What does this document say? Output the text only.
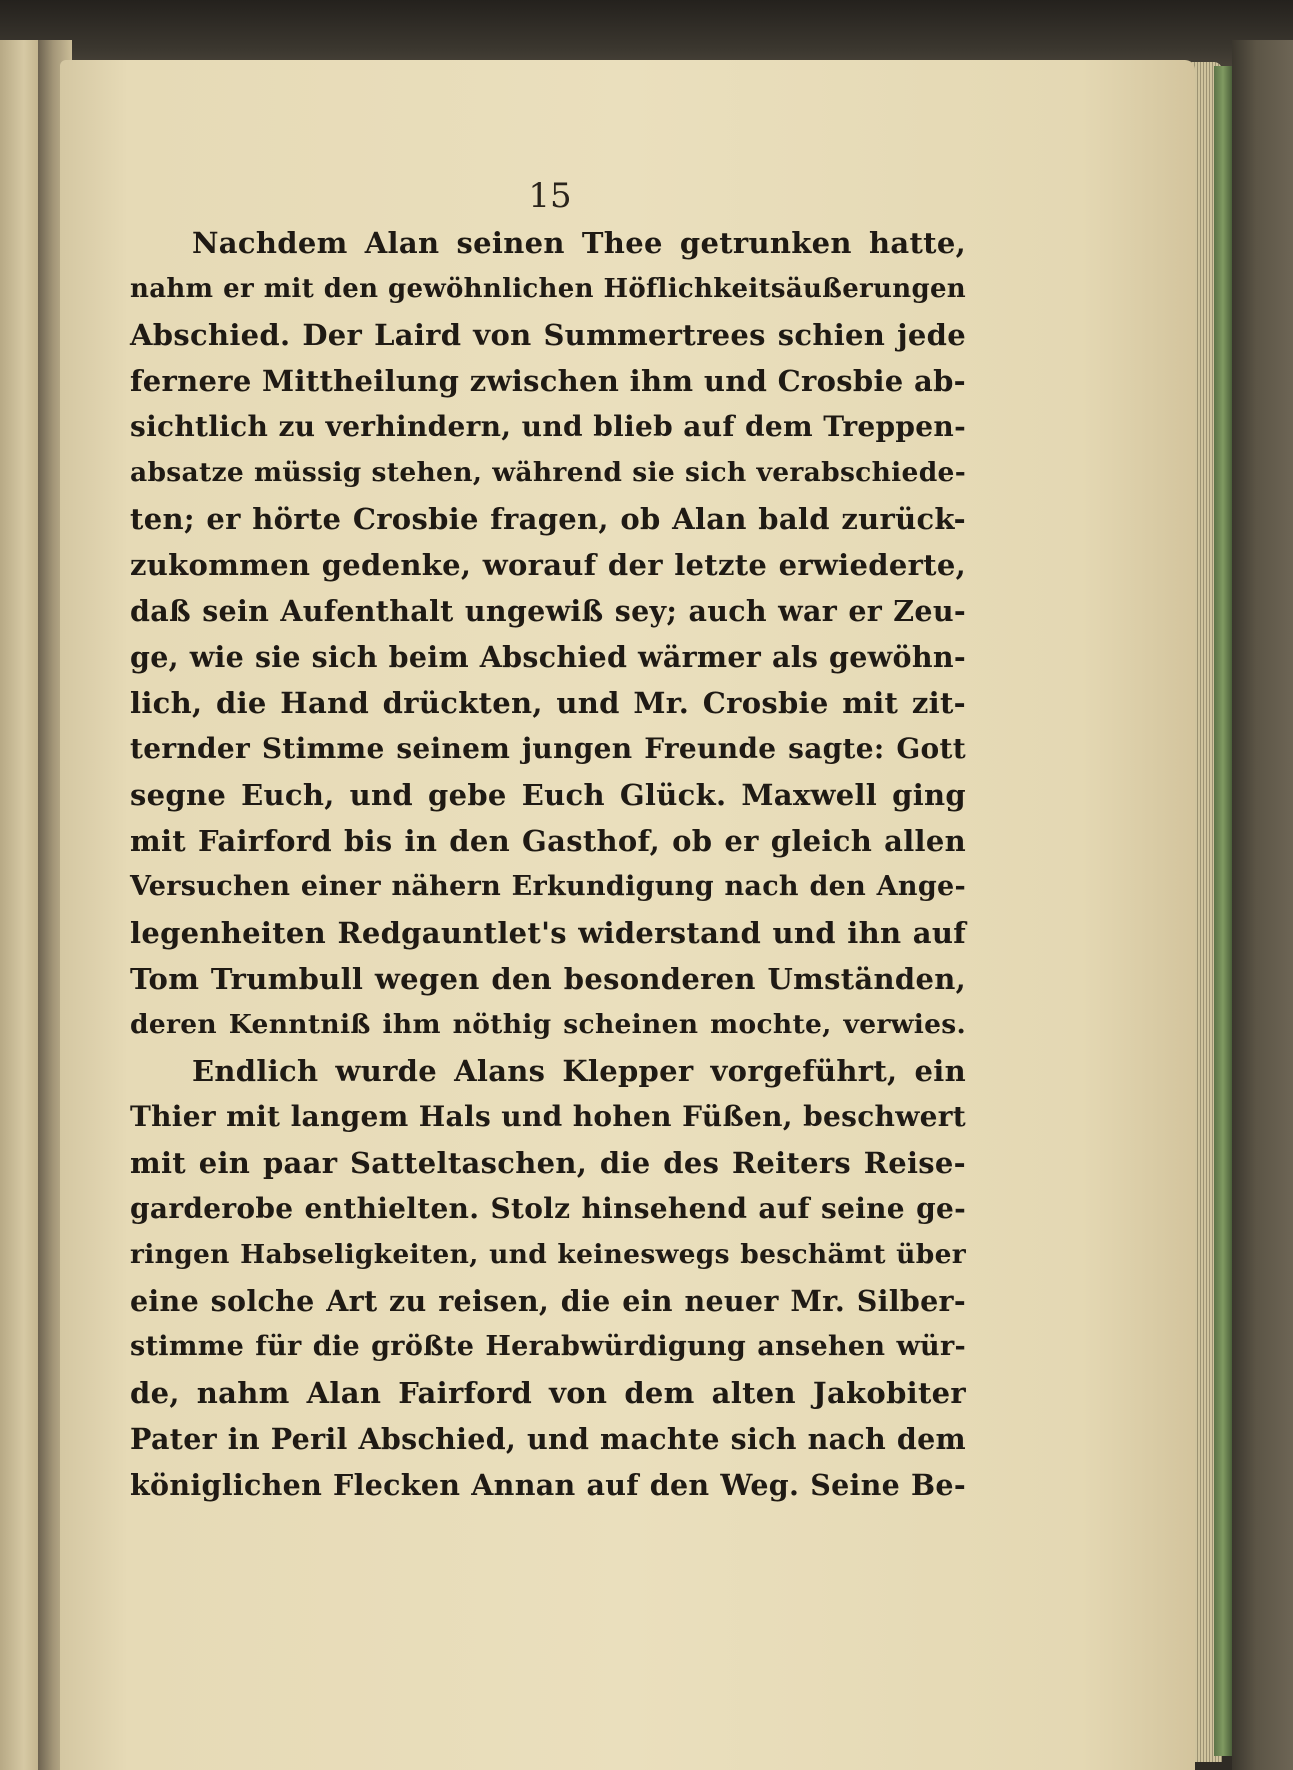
15

Nachdem Alan seinen Thee getrunken hatte,
nahm er mit den gewöhnlichen Höflichkeitsäußerungen
Abschied. Der Laird von Summertrees schien jede
fernere Mittheilung zwischen ihm und Crosbie ab-
sichtlich zu verhindern, und blieb auf dem Treppen-
absatze müssig stehen, während sie sich verabschiede-
ten; er hörte Crosbie fragen, ob Alan bald zurück-
zukommen gedenke, worauf der letzte erwiederte,
daß sein Aufenthalt ungewiß sey; auch war er Zeu-
ge, wie sie sich beim Abschied wärmer als gewöhn-
lich, die Hand drückten, und Mr. Crosbie mit zit-
ternder Stimme seinem jungen Freunde sagte: Gott
segne Euch, und gebe Euch Glück. Maxwell ging
mit Fairford bis in den Gasthof, ob er gleich allen
Versuchen einer nähern Erkundigung nach den Ange-
legenheiten Redgauntlet's widerstand und ihn auf
Tom Trumbull wegen den besonderen Umständen,
deren Kenntniß ihm nöthig scheinen mochte, verwies.
Endlich wurde Alans Klepper vorgeführt, ein
Thier mit langem Hals und hohen Füßen, beschwert
mit ein paar Satteltaschen, die des Reiters Reise-
garderobe enthielten. Stolz hinsehend auf seine ge-
ringen Habseligkeiten, und keineswegs beschämt über
eine solche Art zu reisen, die ein neuer Mr. Silber-
stimme für die größte Herabwürdigung ansehen wür-
de, nahm Alan Fairford von dem alten Jakobiter
Pater in Peril Abschied, und machte sich nach dem
königlichen Flecken Annan auf den Weg. Seine Be-
